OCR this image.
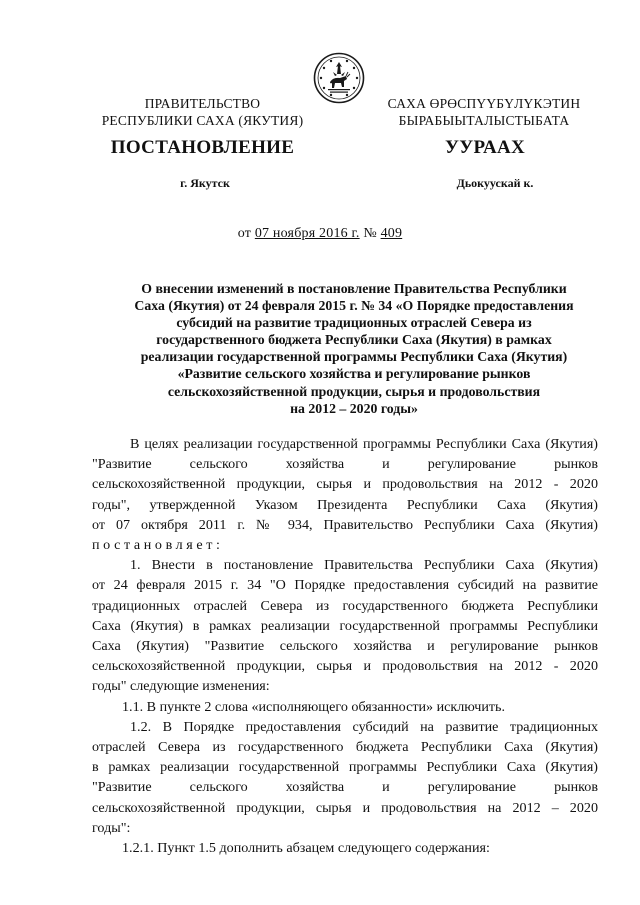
ПРАВИТЕЛЬСТВО
РЕСПУБЛИКИ САХА (ЯКУТИЯ)
САХА ӨРӨСПҮҮБҮЛҮКЭТИН
БЫРАБЫЫТАЛЫСТЫБАТА
ПОСТАНОВЛЕНИЕ	УУРААХ
г. Якутск	Дьокуускай к.
от 07 ноября 2016 г. № 409
О внесении изменений в постановление Правительства Республики
Саха (Якутия) от 24 февраля 2015 г. № 34 «О Порядке предоставления
субсидий на развитие традиционных отраслей Севера из
государственного бюджета Республики Саха (Якутия) в рамках
реализации государственной программы Республики Саха (Якутия)
«Развитие сельского хозяйства и регулирование рынков
сельскохозяйственной продукции, сырья и продовольствия
на 2012 – 2020 годы»
В целях реализации государственной программы Республики Саха (Якутия)
"Развитие сельского хозяйства и регулирование рынков
сельскохозяйственной продукции, сырья и продовольствия на 2012 - 2020
годы", утвержденной Указом Президента Республики Саха (Якутия)
от 07 октября 2011 г. № 934, Правительство Республики Саха (Якутия)
постановляет:
1. Внести в постановление Правительства Республики Саха (Якутия)
от 24 февраля 2015 г. 34 "О Порядке предоставления субсидий на развитие
традиционных отраслей Севера из государственного бюджета Республики
Саха (Якутия) в рамках реализации государственной программы Республики
Саха (Якутия) "Развитие сельского хозяйства и регулирование рынков
сельскохозяйственной продукции, сырья и продовольствия на 2012 - 2020
годы" следующие изменения:
1.1. В пункте 2 слова «исполняющего обязанности» исключить.
1.2. В Порядке предоставления субсидий на развитие традиционных
отраслей Севера из государственного бюджета Республики Саха (Якутия)
в рамках реализации государственной программы Республики Саха (Якутия)
"Развитие сельского хозяйства и регулирование рынков
сельскохозяйственной продукции, сырья и продовольствия на 2012 – 2020
годы":
1.2.1. Пункт 1.5 дополнить абзацем следующего содержания:
